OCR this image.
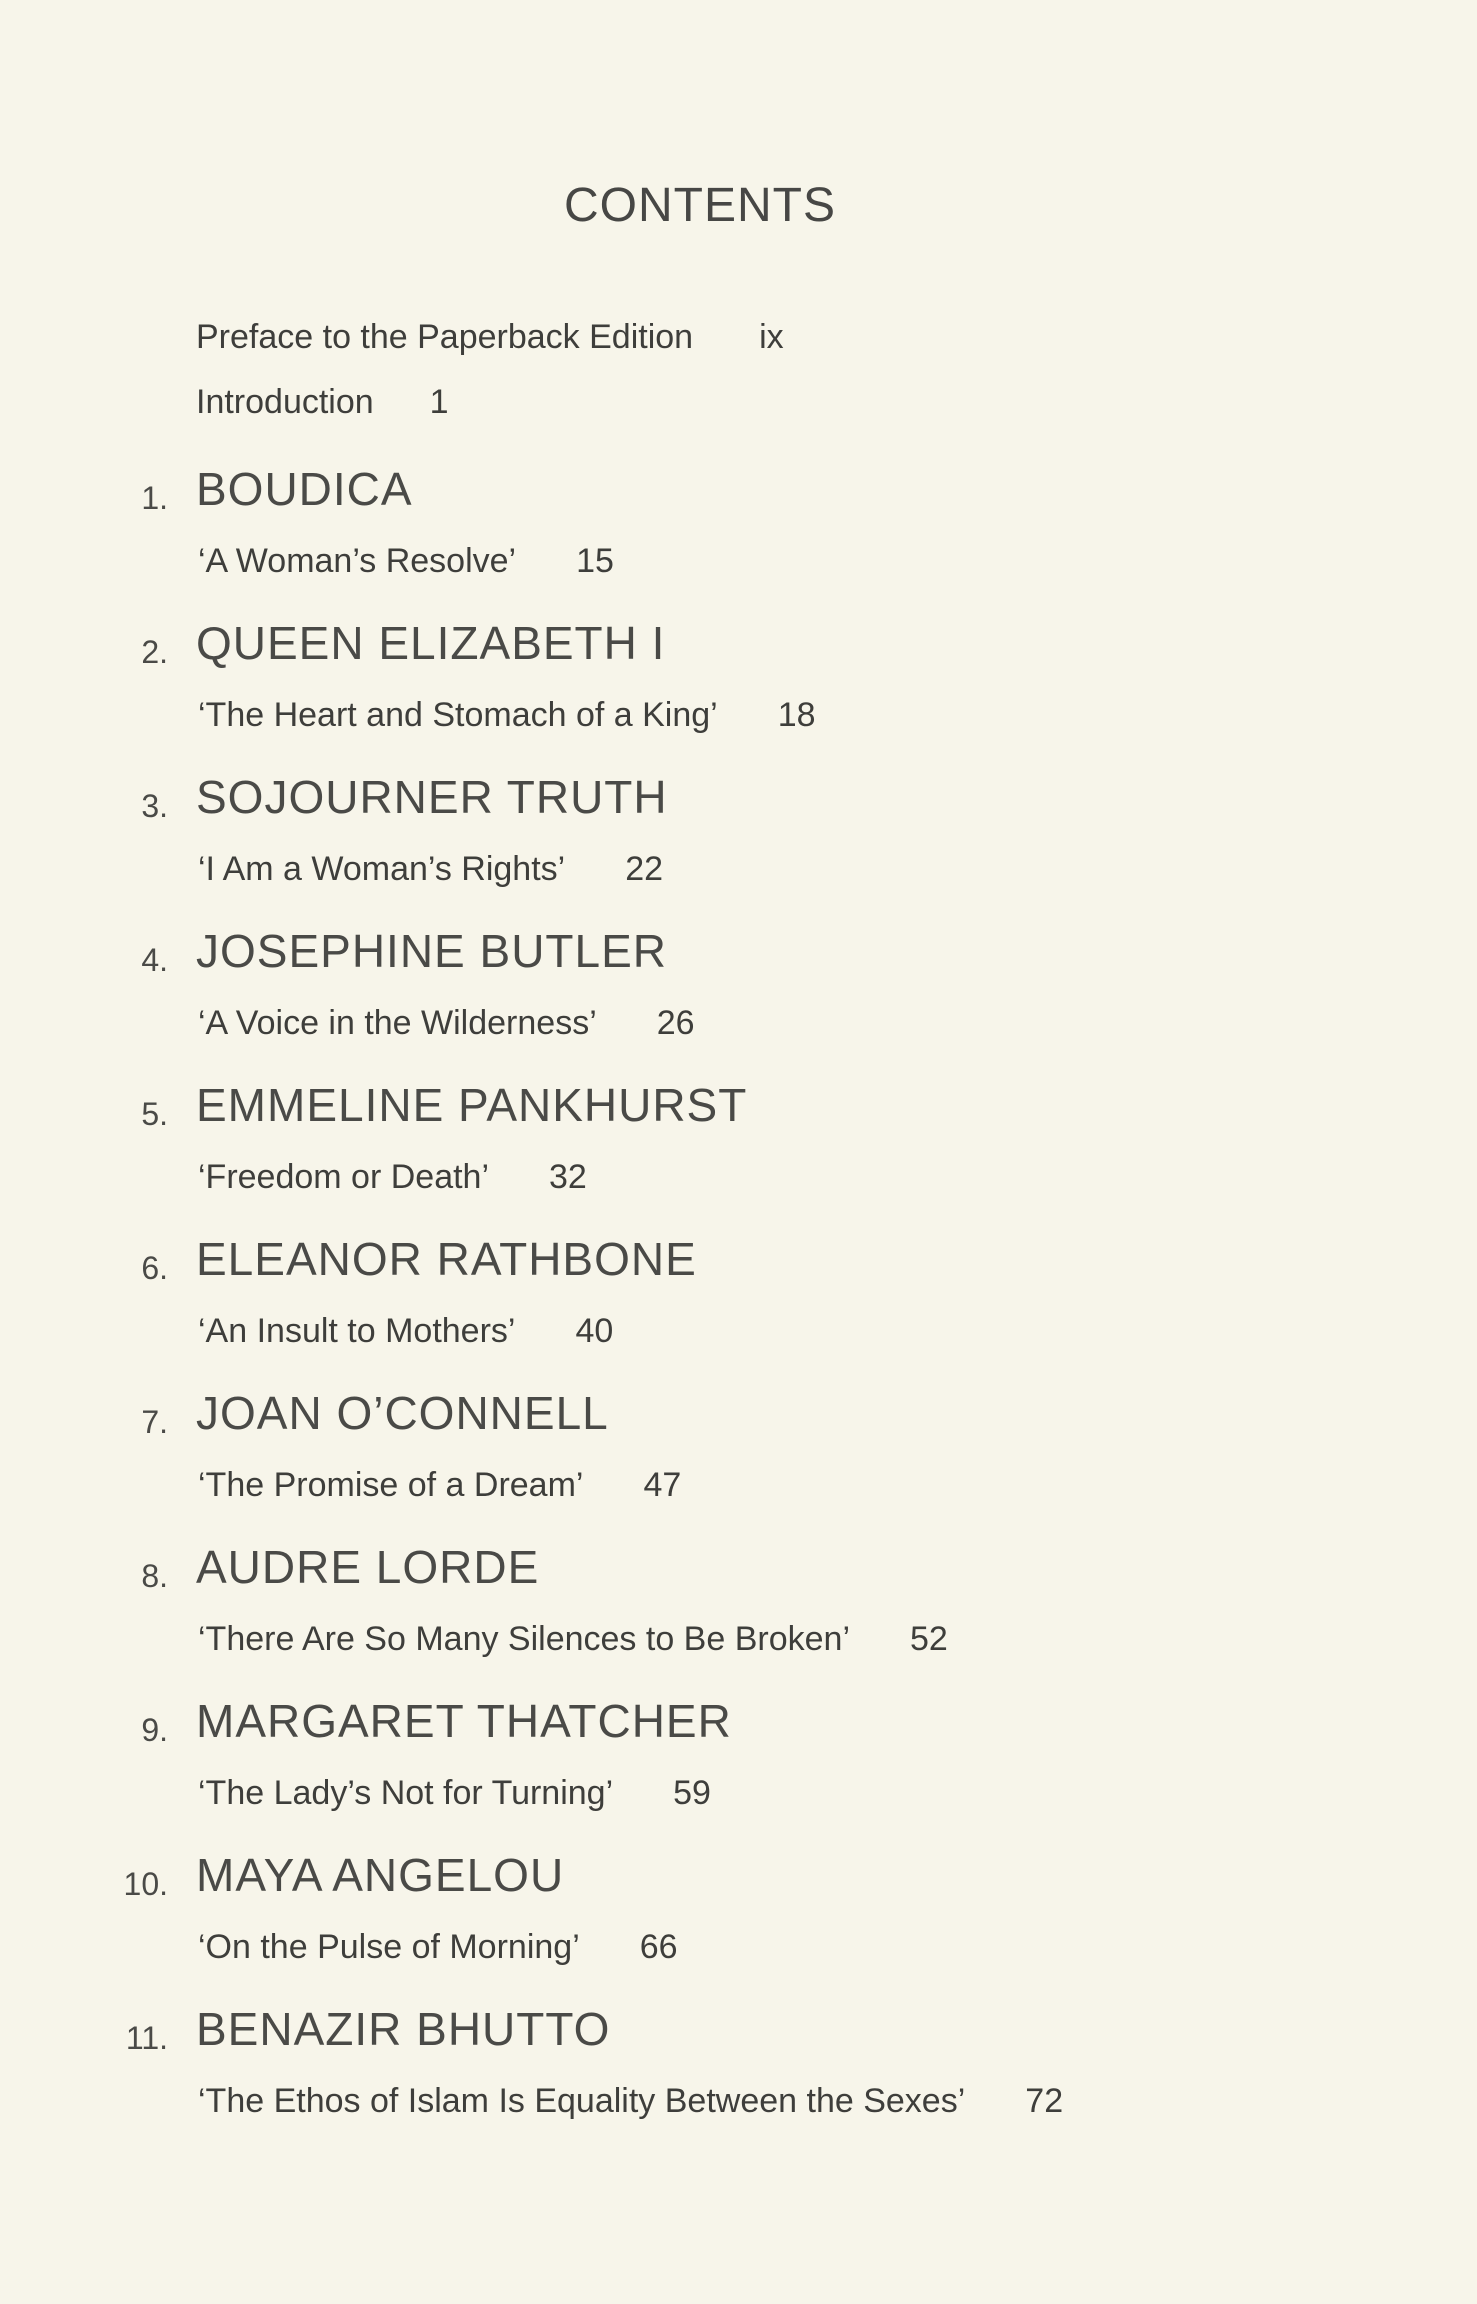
CONTENTS
Preface to the Paperback Edition ix
Introduction 1
1. BOUDICA
‘A Woman’s Resolve’ 15
2. QUEEN ELIZABETH I
‘The Heart and Stomach of a King’ 18
3. SOJOURNER TRUTH
‘I Am a Woman’s Rights’ 22
4. JOSEPHINE BUTLER
‘A Voice in the Wilderness’ 26
5. EMMELINE PANKHURST
‘Freedom or Death’ 32
6. ELEANOR RATHBONE
‘An Insult to Mothers’ 40
7. JOAN O’CONNELL
‘The Promise of a Dream’ 47
8. AUDRE LORDE
‘There Are So Many Silences to Be Broken’ 52
9. MARGARET THATCHER
‘The Lady’s Not for Turning’ 59
10. MAYA ANGELOU
‘On the Pulse of Morning’ 66
11. BENAZIR BHUTTO
‘The Ethos of Islam Is Equality Between the Sexes’ 72
